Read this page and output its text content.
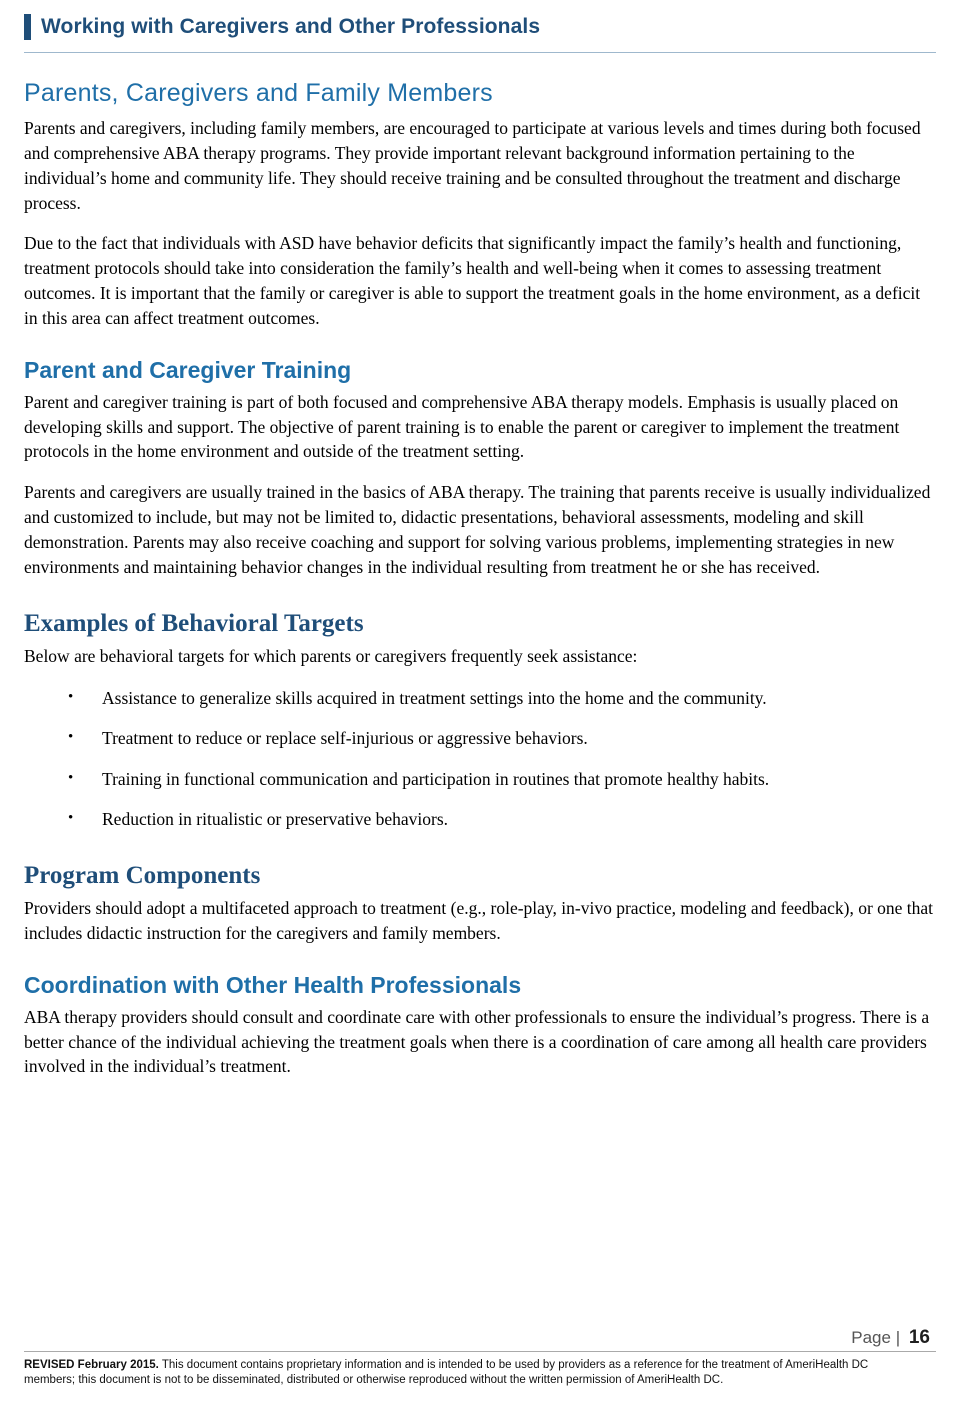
Working with Caregivers and Other Professionals
Parents, Caregivers and Family Members

Parents and caregivers, including family members, are encouraged to participate at various levels and times during both focused and comprehensive ABA therapy programs. They provide important relevant background information pertaining to the individual’s home and community life. They should receive training and be consulted throughout the treatment and discharge process.

Due to the fact that individuals with ASD have behavior deficits that significantly impact the family’s health and functioning, treatment protocols should take into consideration the family’s health and well-being when it comes to assessing treatment outcomes. It is important that the family or caregiver is able to support the treatment goals in the home environment, as a deficit in this area can affect treatment outcomes.

Parent and Caregiver Training

Parent and caregiver training is part of both focused and comprehensive ABA therapy models. Emphasis is usually placed on developing skills and support. The objective of parent training is to enable the parent or caregiver to implement the treatment protocols in the home environment and outside of the treatment setting.

Parents and caregivers are usually trained in the basics of ABA therapy. The training that parents receive is usually individualized and customized to include, but may not be limited to, didactic presentations, behavioral assessments, modeling and skill demonstration. Parents may also receive coaching and support for solving various problems, implementing strategies in new environments and maintaining behavior changes in the individual resulting from treatment he or she has received.

Examples of Behavioral Targets

Below are behavioral targets for which parents or caregivers frequently seek assistance:

• Assistance to generalize skills acquired in treatment settings into the home and the community.
• Treatment to reduce or replace self-injurious or aggressive behaviors.
• Training in functional communication and participation in routines that promote healthy habits.
• Reduction in ritualistic or preservative behaviors.
Program Components

Providers should adopt a multifaceted approach to treatment (e.g., role-play, in-vivo practice, modeling and feedback), or one that includes didactic instruction for the caregivers and family members.

Coordination with Other Health Professionals

ABA therapy providers should consult and coordinate care with other professionals to ensure the individual’s progress. There is a better chance of the individual achieving the treatment goals when there is a coordination of care among all health care providers involved in the individual’s treatment.

Page | 16
REVISED February 2015. This document contains proprietary information and is intended to be used by providers as a reference for the treatment of AmeriHealth DC
members; this document is not to be disseminated, distributed or otherwise reproduced without the written permission of AmeriHealth DC.
